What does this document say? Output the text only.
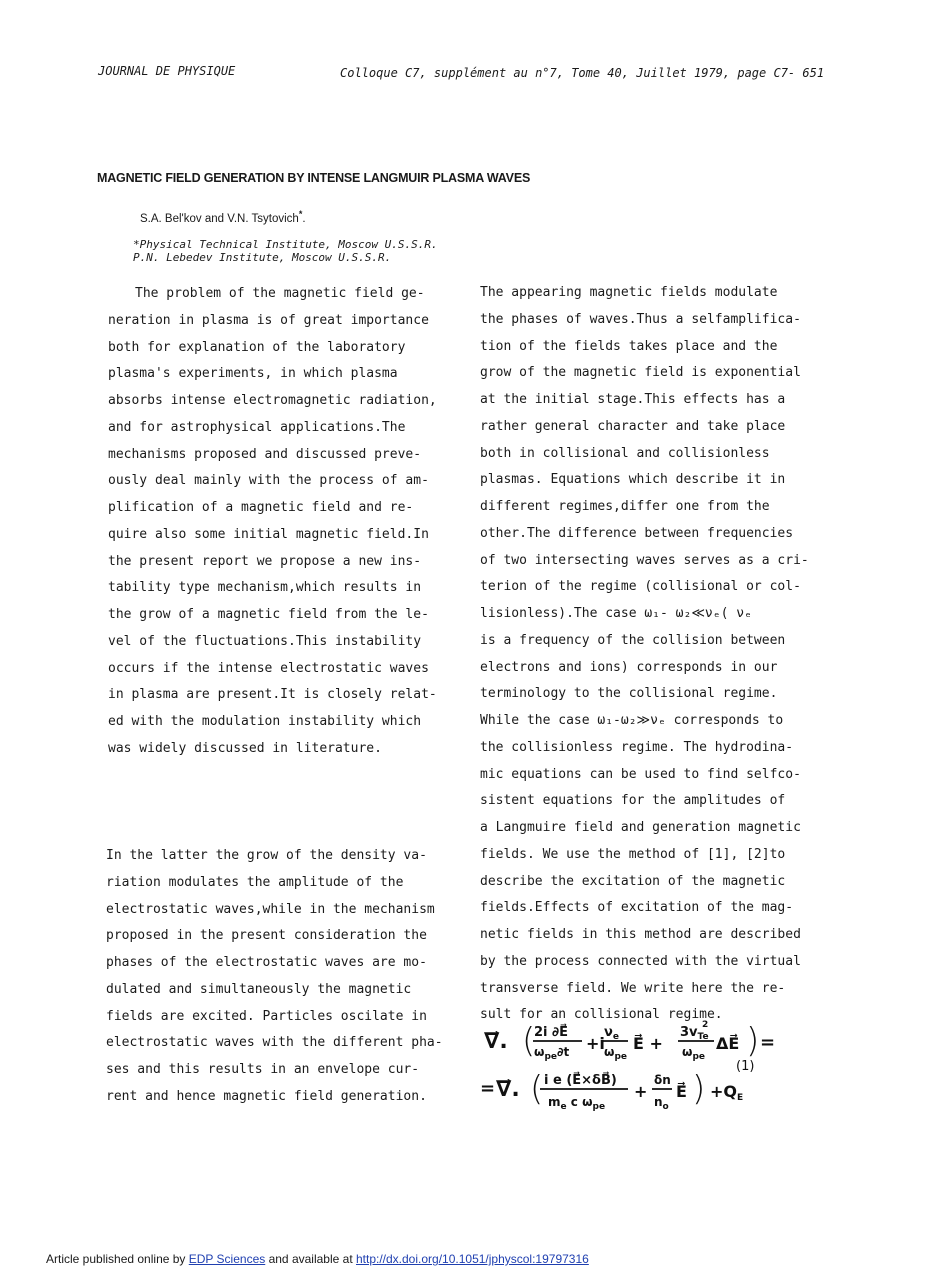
JOURNAL DE PHYSIQUE	Colloque C7, supplément au n°7, Tome 40, Juillet 1979, page C7- 651
MAGNETIC FIELD GENERATION BY INTENSE LANGMUIR PLASMA WAVES
S.A. Bel'kov and V.N. Tsytovich*.
*Physical Technical Institute, Moscow U.S.S.R.
P.N. Lebedev Institute, Moscow U.S.S.R.
The problem of the magnetic field ge-
neration in plasma is of great importance
both for explanation of the laboratory
plasma's experiments, in which plasma
absorbs intense electromagnetic radiation,
and for astrophysical applications.The
mechanisms proposed and discussed preve-
ously deal mainly with the process of am-
plification of a magnetic field and re-
quire also some initial magnetic field.In
the present report we propose a new ins-
tability type mechanism,which results in
the grow of a magnetic field from the le-
vel of the fluctuations.This instability
occurs if the intense electrostatic waves
in plasma are present.It is closely relat-
ed with the modulation instability which
was widely discussed in literature.
In the latter the grow of the density va-
riation modulates the amplitude of the
electrostatic waves,while in the mechanism
proposed in the present consideration the
phases of the electrostatic waves are mo-
dulated and simultaneously the magnetic
fields are excited. Particles oscilate in
electrostatic waves with the different pha-
ses and this results in an envelope cur-
rent and hence magnetic field generation.
The appearing magnetic fields modulate
the phases of waves.Thus a selfamplifica-
tion of the fields takes place and the
grow of the magnetic field is exponential
at the initial stage.This effects has a
rather general character and take place
both in collisional and collisionless
plasmas. Equations which describe it in
different regimes,differ one from the
other.The difference between frequencies
of two intersecting waves serves as a cri-
terion of the regime (collisional or col-
lisionless).The case ω₁- ω₂≪νₑ( νₑ
is a frequency of the collision between
electrons and ions) corresponds in our
terminology to the collisional regime.
While the case ω₁-ω₂≫νₑ corresponds to
the collisionless regime. The hydrodina-
mic equations can be used to find selfco-
sistent equations for the amplitudes of
a Langmuire field and generation magnetic
fields. We use the method of [1], [2]to
describe the excitation of the magnetic
fields.Effects of excitation of the mag-
netic fields in this method are described
by the process connected with the virtual
transverse field. We write here the re-
sult for an collisional regime.
∇⃗. (
2i ∂E⃗
$\omega_{pe}\partial t +i$
$\nu_e$
$\omega_{pe}$
E⃗ +
$3v_{Te}$
2
$\omega_{pe}$
ΔE⃗ ) =
(1)
= ∇⃗. ( i e (E⃗×δB⃗)
$m_e$ c $\omega_{pe}$
+
δn
$n_o$
E⃗ ) +QE
Article published online by EDP Sciences and available at http://dx.doi.org/10.1051/jphyscol:19797316
